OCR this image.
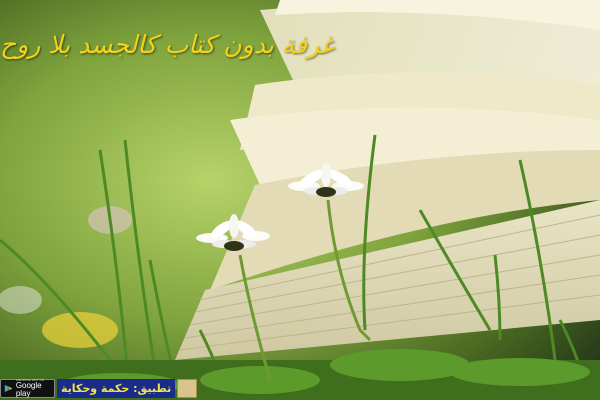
غرفة بدون كتاب كالجسد بلا روح
ANDROID APP ON
Google play	تطبيق: حكمة وحكاية
